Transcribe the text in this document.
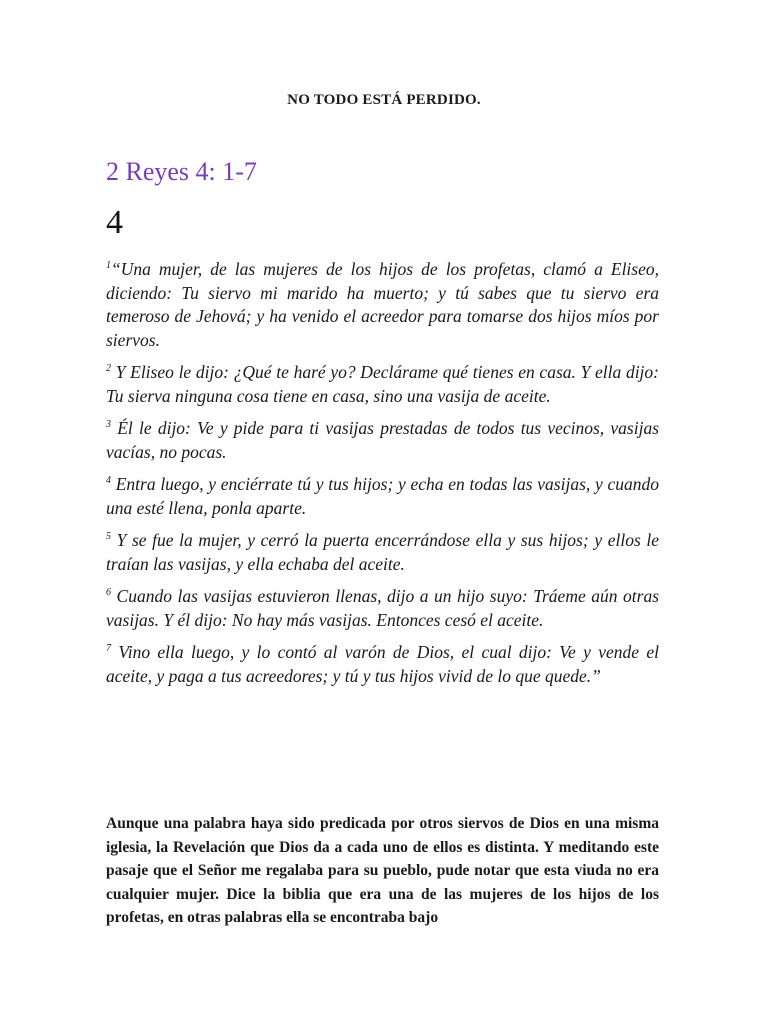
NO TODO ESTÁ PERDIDO.
2 Reyes 4: 1-7
4

$^1$“Una mujer, de las mujeres de los hijos de los profetas, clamó a Eliseo, diciendo: Tu siervo mi marido ha muerto; y tú sabes que tu siervo era temeroso de Jehová; y ha venido el acreedor para tomarse dos hijos míos por siervos.

$^2$ Y Eliseo le dijo: ¿Qué te haré yo? Declárame qué tienes en casa. Y ella dijo: Tu sierva ninguna cosa tiene en casa, sino una vasija de aceite.

$^3$ Él le dijo: Ve y pide para ti vasijas prestadas de todos tus vecinos, vasijas vacías, no pocas.

$^4$ Entra luego, y enciérrate tú y tus hijos; y echa en todas las vasijas, y cuando una esté llena, ponla aparte.

$^5$ Y se fue la mujer, y cerró la puerta encerrándose ella y sus hijos; y ellos le traían las vasijas, y ella echaba del aceite.

$^6$ Cuando las vasijas estuvieron llenas, dijo a un hijo suyo: Tráeme aún otras vasijas. Y él dijo: No hay más vasijas. Entonces cesó el aceite.

$^7$ Vino ella luego, y lo contó al varón de Dios, el cual dijo: Ve y vende el aceite, y paga a tus acreedores; y tú y tus hijos vivid de lo que quede.”

Aunque una palabra haya sido predicada por otros siervos de Dios en una misma iglesia, la Revelación que Dios da a cada uno de ellos es distinta. Y meditando este pasaje que el Señor me regalaba para su pueblo, pude notar que esta viuda no era cualquier mujer. Dice la biblia que era una de las mujeres de los hijos de los profetas, en otras palabras ella se encontraba bajo
